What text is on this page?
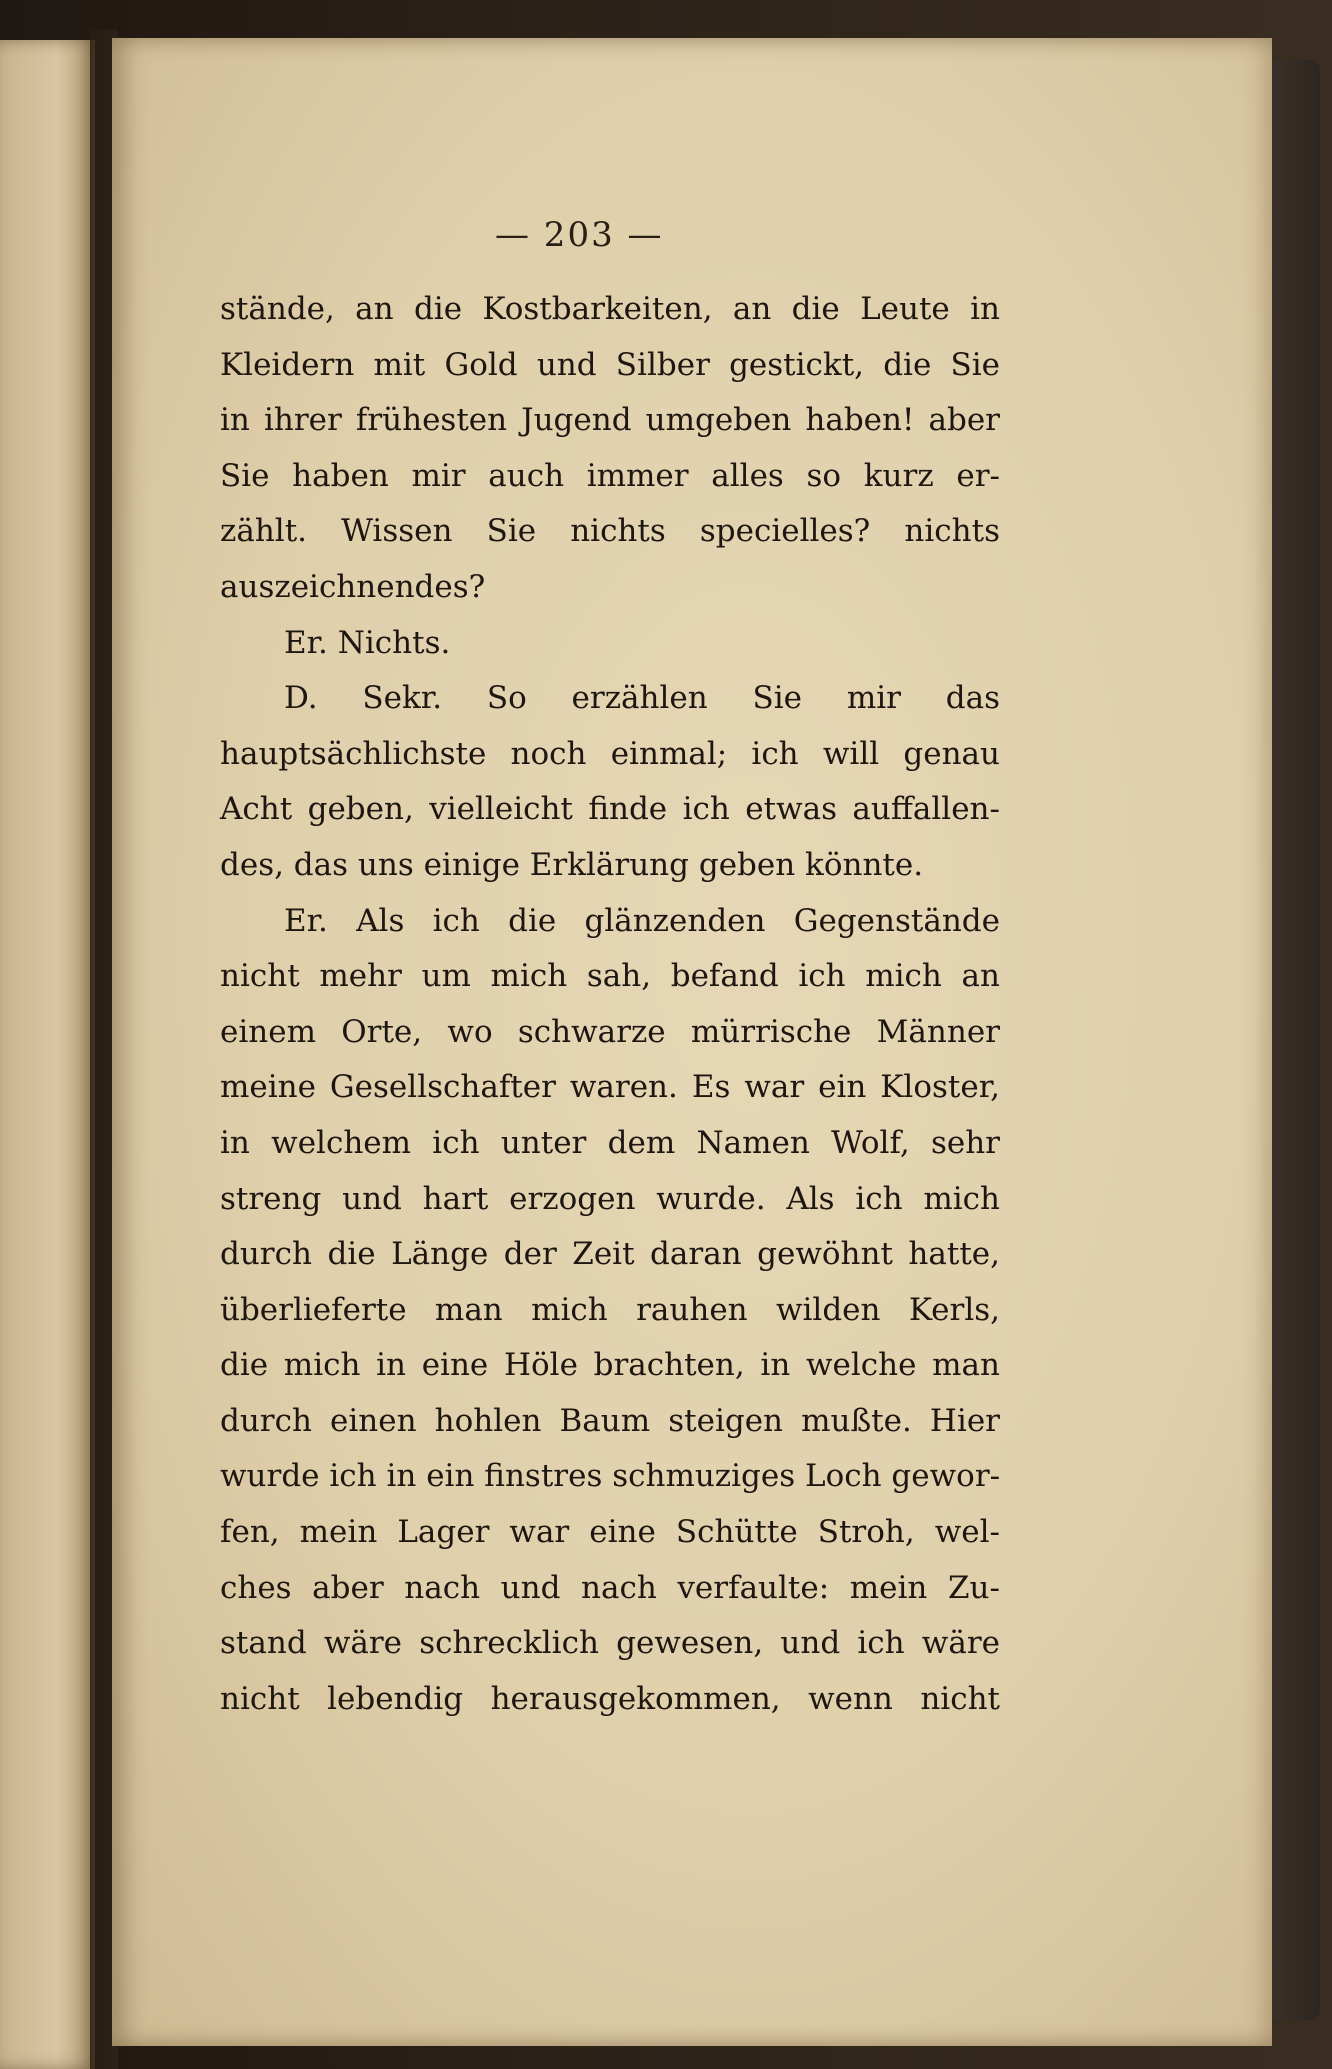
— 203 —
stände, an die Kostbarkeiten, an die Leute in
Kleidern mit Gold und Silber gestickt, die Sie
in ihrer frühesten Jugend umgeben haben! aber
Sie haben mir auch immer alles so kurz er‑
zählt. Wissen Sie nichts specielles? nichts
auszeichnendes?
Er. Nichts.
D. Sekr. So erzählen Sie mir das
hauptsächlichste noch einmal; ich will genau
Acht geben, vielleicht finde ich etwas auffallen‑
des, das uns einige Erklärung geben könnte.
Er. Als ich die glänzenden Gegenstände
nicht mehr um mich sah, befand ich mich an
einem Orte, wo schwarze mürrische Männer
meine Gesellschafter waren. Es war ein Kloster,
in welchem ich unter dem Namen Wolf, sehr
streng und hart erzogen wurde. Als ich mich
durch die Länge der Zeit daran gewöhnt hatte,
überlieferte man mich rauhen wilden Kerls,
die mich in eine Höle brachten, in welche man
durch einen hohlen Baum steigen mußte. Hier
wurde ich in ein finstres schmuziges Loch gewor‑
fen, mein Lager war eine Schütte Stroh, wel‑
ches aber nach und nach verfaulte: mein Zu‑
stand wäre schrecklich gewesen, und ich wäre
nicht lebendig herausgekommen, wenn nicht
